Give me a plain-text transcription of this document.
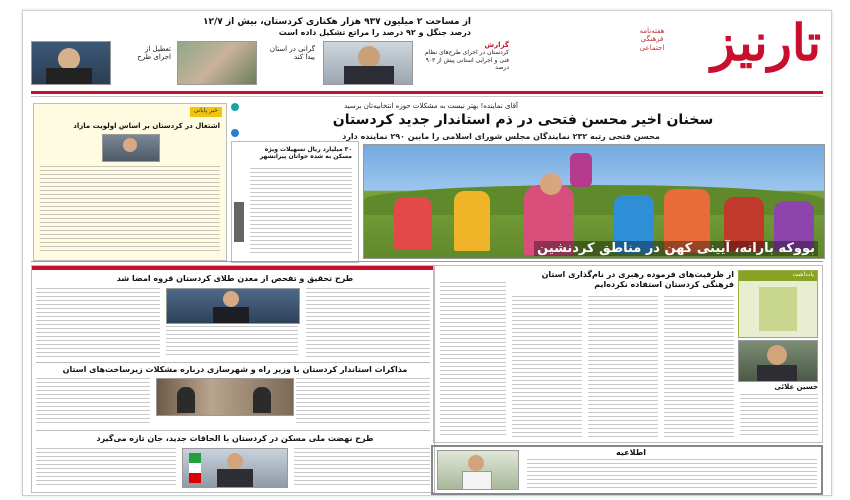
تارنیز
هفته‌نامه
فرهنگی
اجتماعی
از مساحت ۲ میلیون ۹۳۷ هزار هکتاری کردستان، بیش از ۱۲/۷
درصد جنگل و ۹۲ درصد را مراتع تشکیل داده است
تعطیل از
اجرای طرح
گرانی در استان
پیدا کند
گزارش
کردستان در اجرای طرح‌های نظام فنی و اجرایی استانی پیش از ۹۰۳ درصد
آقای نماینده! بهتر نیست به مشکلات حوزه انتخابیه‌تان برسید
سخنان اخیر محسن فتحی در ذم استاندار جدید کردستان
محسن فتحی رتبه ۲۳۲ نمایندگان مجلس شورای اسلامی را مابین ۲۹۰ نماینده دارد
خبر پایانی
اشتغال در کردستان بر اساس اولویت مازاد
۳۰ میلیارد ریال تسهیلات ویژه مسکن به شده جوانان پیرانشهر
بووکه بارانه، آیینی کهن در مناطق کردنشین
طرح تحقیق و تفحص از معدن طلای کردستان قروه امضا شد
مذاکرات استاندار کردستان با وزیر راه و شهرسازی درباره مشکلات زیرساخت‌های استان
طرح نهضت ملی مسکن در کردستان با الحاقات جدید، جان تازه می‌گیرد
از ظرفیت‌های فرموده رهبری در نام‌گذاری استان فرهنگی کردستان استفاده نکرده‌ایم
یادداشت
حسین علائی
اطلاعیه
